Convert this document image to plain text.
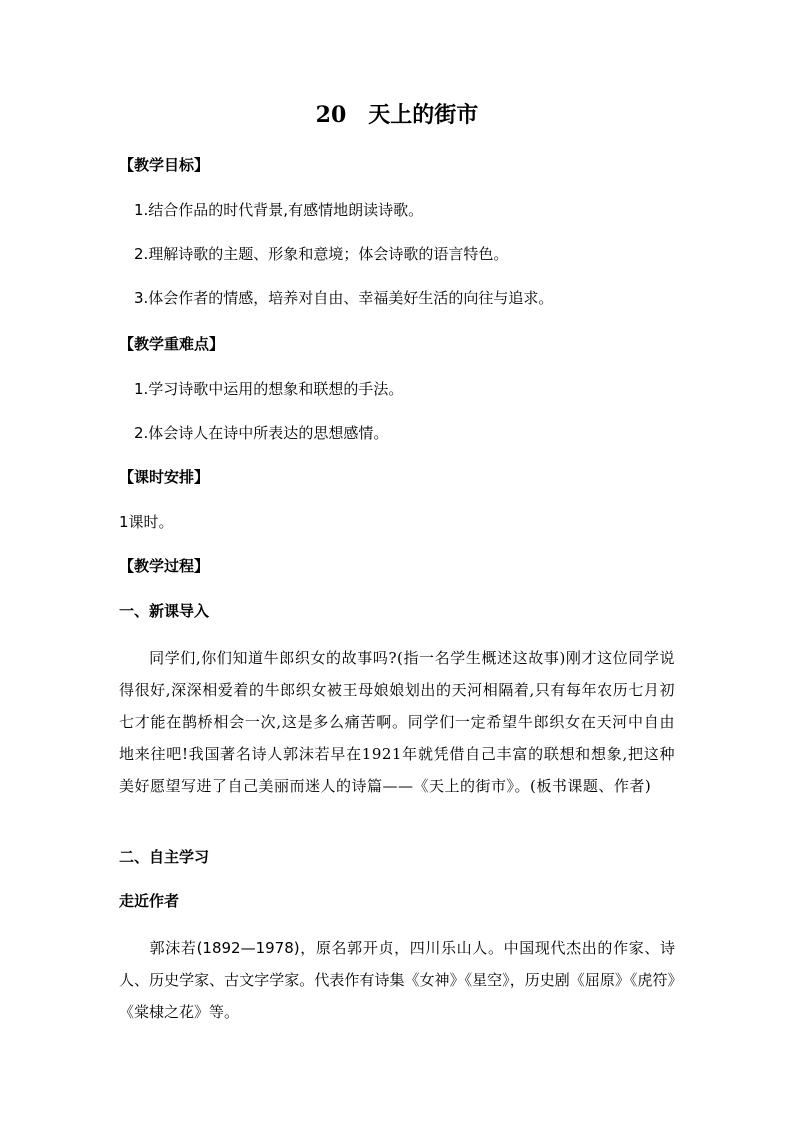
20 天上的街市
【教学目标】
1.结合作品的时代背景,有感情地朗读诗歌。
2.理解诗歌的主题、形象和意境；体会诗歌的语言特色。
3.体会作者的情感，培养对自由、幸福美好生活的向往与追求。
【教学重难点】
1.学习诗歌中运用的想象和联想的手法。
2.体会诗人在诗中所表达的思想感情。
【课时安排】
1课时。
【教学过程】
一、新课导入
同学们,你们知道牛郎织女的故事吗?(指一名学生概述这故事)刚才这位同学说得很好,深深相爱着的牛郎织女被王母娘娘划出的天河相隔着,只有每年农历七月初七才能在鹊桥相会一次,这是多么痛苦啊。同学们一定希望牛郎织女在天河中自由地来往吧!我国著名诗人郭沫若早在1921年就凭借自己丰富的联想和想象,把这种美好愿望写进了自己美丽而迷人的诗篇——《天上的街市》。(板书课题、作者)
二、自主学习
走近作者
郭沫若(1892—1978)，原名郭开贞，四川乐山人。中国现代杰出的作家、诗人、历史学家、古文字学家。代表作有诗集《女神》《星空》，历史剧《屈原》《虎符》《棠棣之花》等。
